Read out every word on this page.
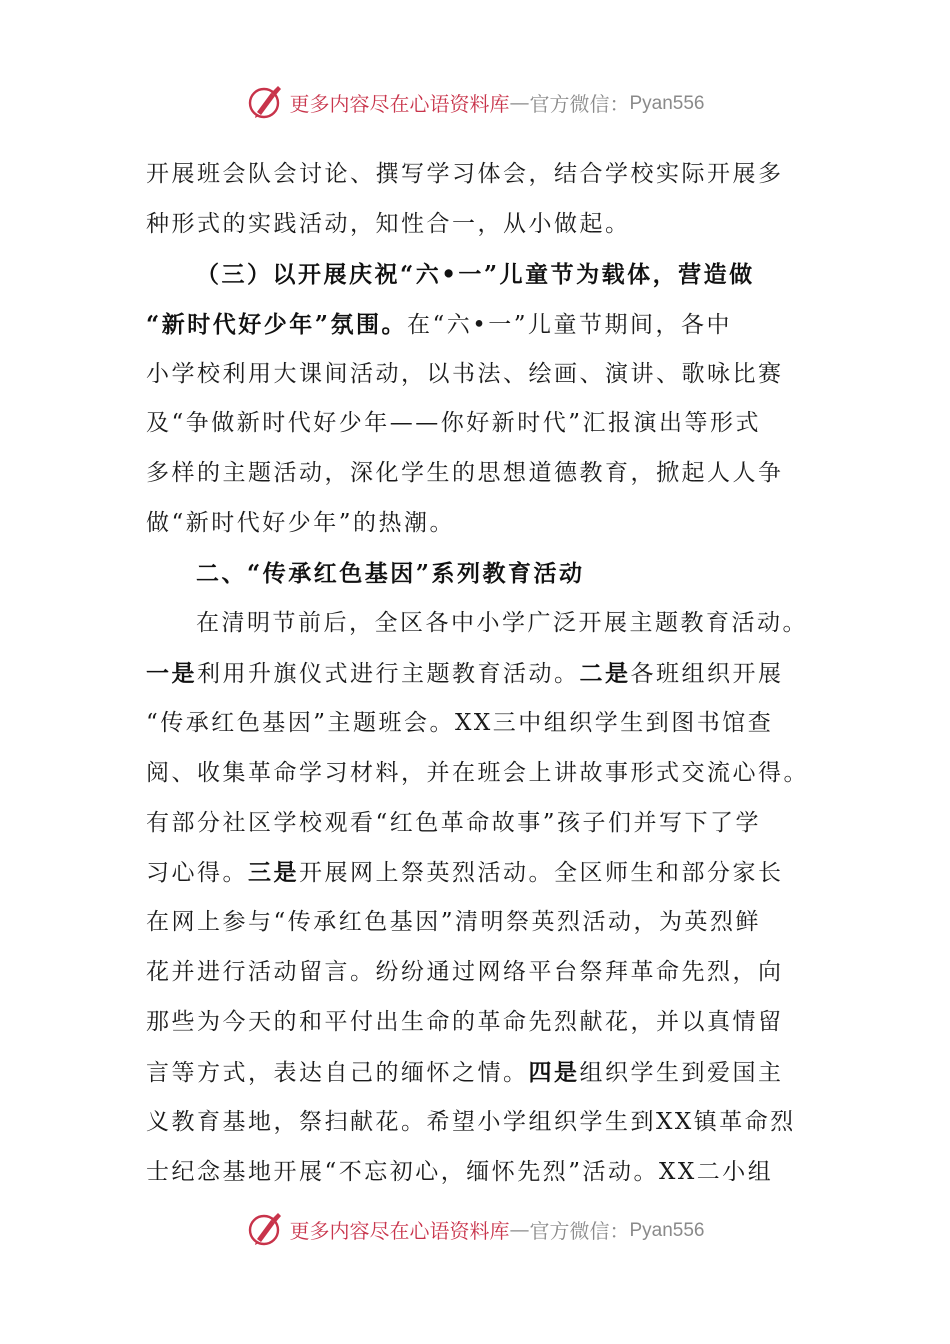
更多内容尽在心语资料库 — 官方微信： Pyan556
开展班会队会讨论、撰写学习体会，结合学校实际开展多
种形式的实践活动，知性合一，从小做起。
（三）以开展庆祝“六•一”儿童节为载体，营造做
“新时代好少年”氛围。在“六•一”儿童节期间，各中
小学校利用大课间活动，以书法、绘画、演讲、歌咏比赛
及“争做新时代好少年——你好新时代”汇报演出等形式
多样的主题活动，深化学生的思想道德教育，掀起人人争
做“新时代好少年”的热潮。
二、“传承红色基因”系列教育活动
在清明节前后，全区各中小学广泛开展主题教育活动。
一是利用升旗仪式进行主题教育活动。二是各班组织开展
“传承红色基因”主题班会。XX三中组织学生到图书馆查
阅、收集革命学习材料，并在班会上讲故事形式交流心得。
有部分社区学校观看“红色革命故事”孩子们并写下了学
习心得。三是开展网上祭英烈活动。全区师生和部分家长
在网上参与“传承红色基因”清明祭英烈活动，为英烈鲜
花并进行活动留言。纷纷通过网络平台祭拜革命先烈，向
那些为今天的和平付出生命的革命先烈献花，并以真情留
言等方式，表达自己的缅怀之情。四是组织学生到爱国主
义教育基地，祭扫献花。希望小学组织学生到XX镇革命烈
士纪念基地开展“不忘初心，缅怀先烈”活动。XX二小组
更多内容尽在心语资料库 — 官方微信： Pyan556
